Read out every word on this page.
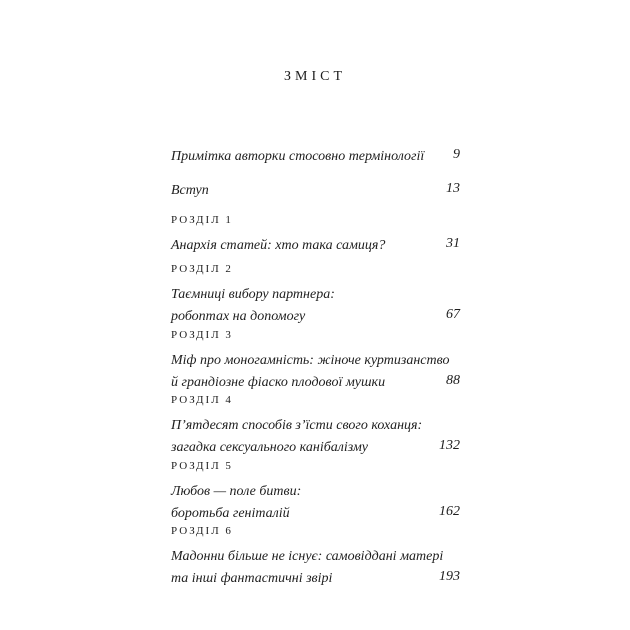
ЗМІСТ
Примітка авторки стосовно термінології 9
Вступ	13
РОЗДІЛ 1
Анархія статей: хто така самиця?	31
РОЗДІЛ 2
Таємниці вибору партнера:
робоптах на допомогу	67
РОЗДІЛ 3
Міф про моногамність: жіноче куртизанство
й грандіозне фіаско плодової мушки	88
РОЗДІЛ 4
П’ятдесят способів з’їсти свого коханця:
загадка сексуального канібалізму	132
РОЗДІЛ 5
Любов — поле битви:
боротьба геніталій	162
РОЗДІЛ 6
Мадонни більше не існує: самовіддані матері
та інші фантастичні звірі	193
